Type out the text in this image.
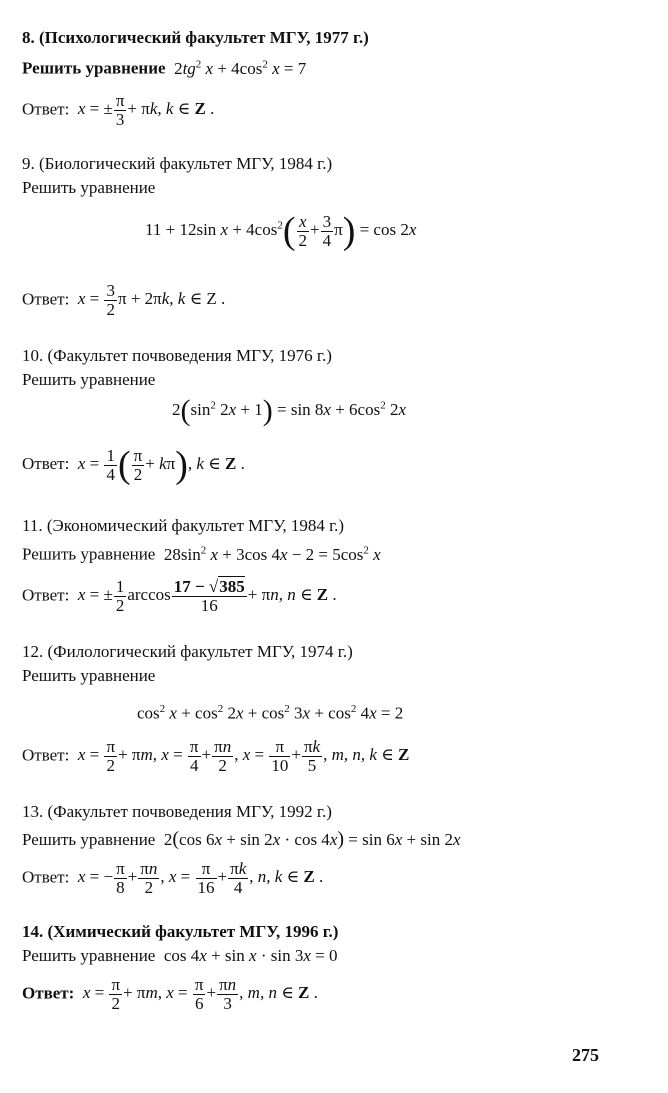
8. (Психологический факультет МГУ, 1977 г.)
Решить уравнение  $2tg^2$ $x + 4\cos^2$ x = 7
Ответ: x = ± $\frac{\pi}{3} + \pi k$, k ∈ Z .
9. (Биологический факультет МГУ, 1984 г.)
Решить уравнение
11 + 12sin $x + 4\cos^2( \frac{x}{2} + \frac{3}{4} \pi) = \cos 2x$
Ответ: $x = \frac{3}{2}$ π + 2πk, k ∈ Z .
10. (Факультет почвоведения МГУ, 1976 г.)
Решить уравнение
$2(\sin^2$ $2x + 1) = \sin 8x + 6\cos^2$ 2x
Ответ: $x = \frac{1}{4}$ ( $\frac{\pi}{2} + k\pi$), k ∈ Z .
11. (Экономический факультет МГУ, 1984 г.)
Решить уравнение  $28\sin^2$ x + 3cos $4x - 2 = 5\cos^2$ x
Ответ: x = ± $\frac{1}{2}$ $\arccos \frac{17 - √385}{16} + \pi n$, n ∈ Z .
12. (Филологический факультет МГУ, 1974 г.)
Решить уравнение
$\cos^2 x + \cos^2 2x + \cos^2 3x + \cos^2 4x = 2$
Ответ: $x = \frac{\pi}{2} + \pi m$, $x = \frac{\pi}{4} + \frac{\pi n}{2}$ , $x = \frac{\pi}{10} + \frac{\pi k}{5}$ , m, n, k ∈ Z
13. (Факультет почвоведения МГУ, 1992 г.)
Решить уравнение  2(cos 6x + sin 2x · cos 4x) = sin 6x + sin 2x
Ответ: x = − $\frac{\pi}{8} + \frac{\pi n}{2}$ , $x = \frac{\pi}{16} + \frac{\pi k}{4}$ , n, k ∈ Z .
14. (Химический факультет МГУ, 1996 г.)
Решить уравнение  cos 4x + sin x · sin 3x = 0
Ответ: $x = \frac{\pi}{2} + \pi m$, $x = \frac{\pi}{6} + \frac{\pi n}{3}$ , m, n ∈ Z .
275
